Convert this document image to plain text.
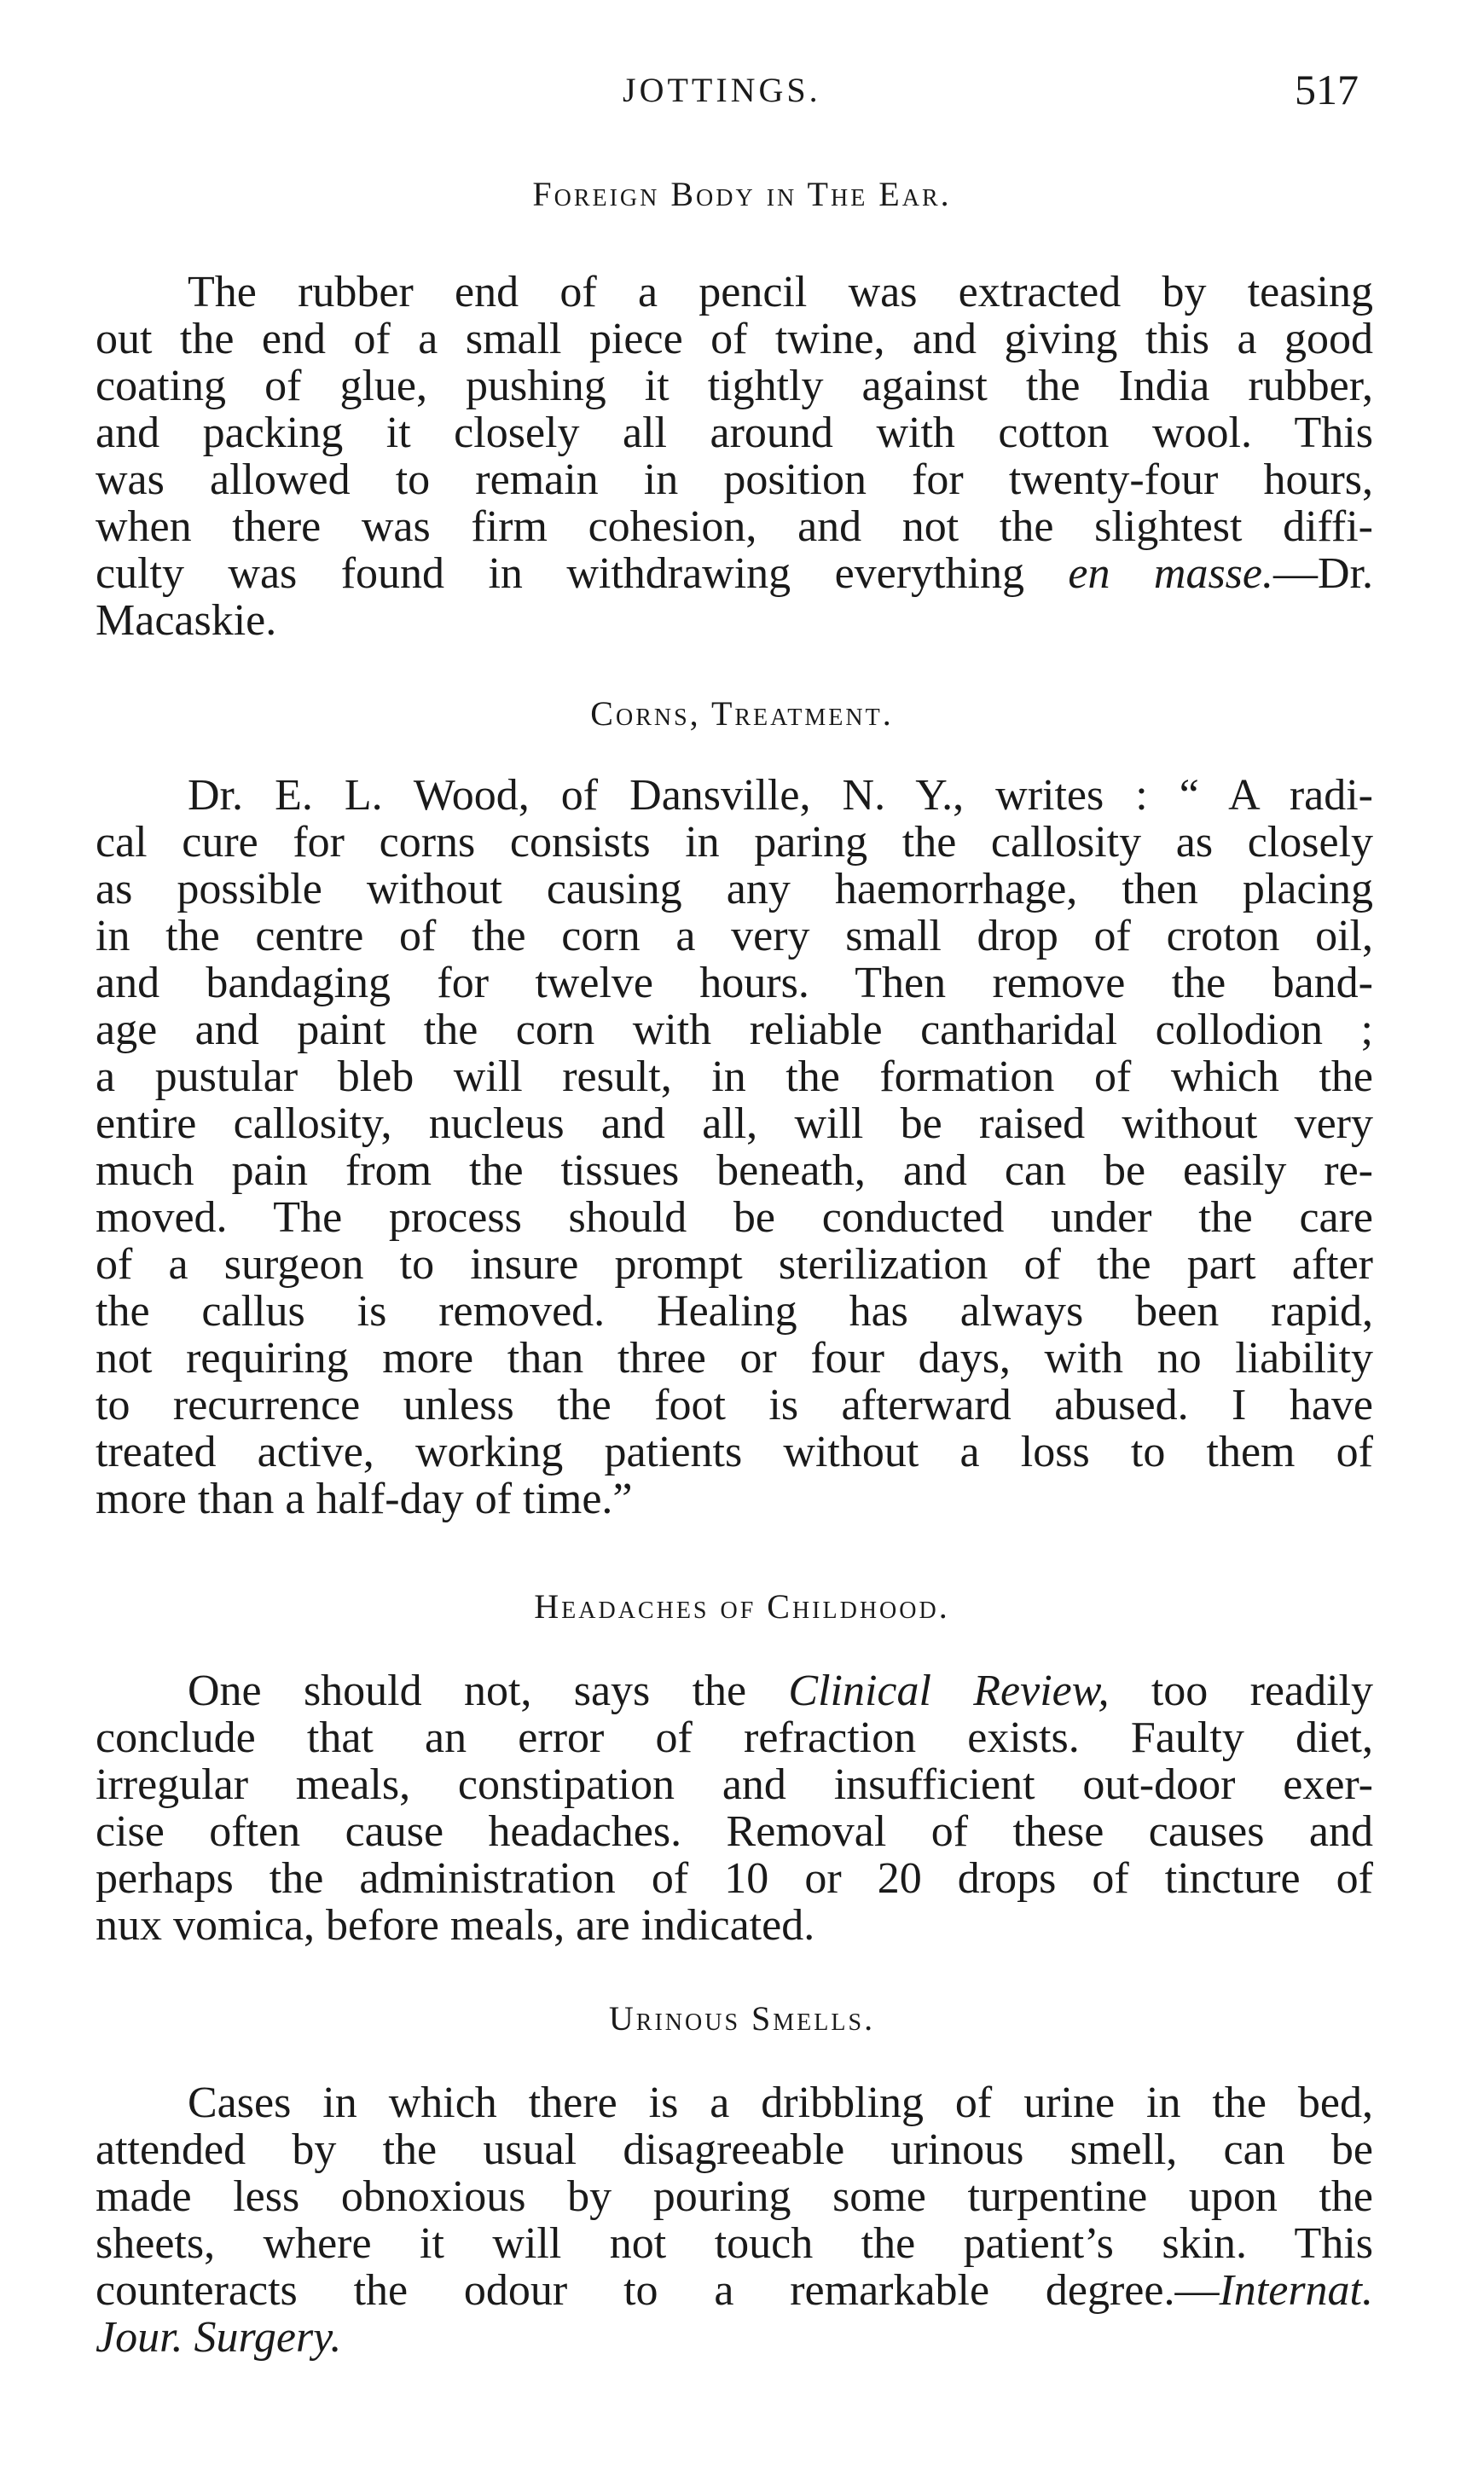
JOTTINGS.	517
Foreign Body in The Ear.
The rubber end of a pencil was extracted by teasing
out the end of a small piece of twine, and giving this a good
coating of glue, pushing it tightly against the India rubber,
and packing it closely all around with cotton wool. This
was allowed to remain in position for twenty-four hours,
when there was firm cohesion, and not the slightest diffi-
culty was found in withdrawing everything en masse.—Dr.
Macaskie.
Corns, Treatment.
Dr. E. L. Wood, of Dansville, N. Y., writes : “ A radi-
cal cure for corns consists in paring the callosity as closely
as possible without causing any haemorrhage, then placing
in the centre of the corn a very small drop of croton oil,
and bandaging for twelve hours. Then remove the band-
age and paint the corn with reliable cantharidal collodion ;
a pustular bleb will result, in the formation of which the
entire callosity, nucleus and all, will be raised without very
much pain from the tissues beneath, and can be easily re-
moved. The process should be conducted under the care
of a surgeon to insure prompt sterilization of the part after
the callus is removed. Healing has always been rapid,
not requiring more than three or four days, with no liability
to recurrence unless the foot is afterward abused. I have
treated active, working patients without a loss to them of
more than a half-day of time.”
Headaches of Childhood.
One should not, says the Clinical Review, too readily
conclude that an error of refraction exists. Faulty diet,
irregular meals, constipation and insufficient out-door exer-
cise often cause headaches. Removal of these causes and
perhaps the administration of 10 or 20 drops of tincture of
nux vomica, before meals, are indicated.
Urinous Smells.
Cases in which there is a dribbling of urine in the bed,
attended by the usual disagreeable urinous smell, can be
made less obnoxious by pouring some turpentine upon the
sheets, where it will not touch the patient’s skin. This
counteracts the odour to a remarkable degree.—Internat.
Jour. Surgery.
